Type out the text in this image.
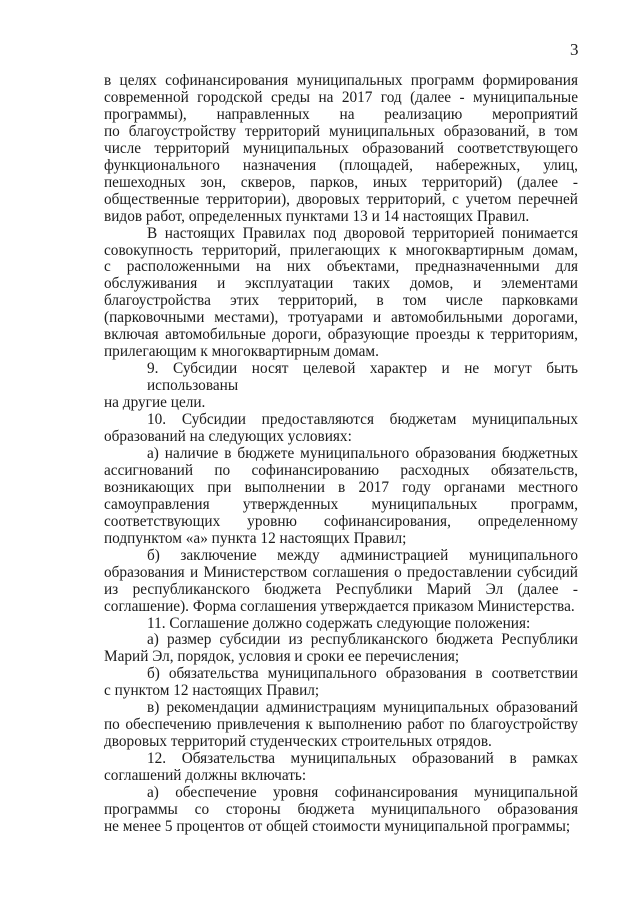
3

в целях софинансирования муниципальных программ формирования
современной городской среды на 2017 год (далее - муниципальные
программы), направленных на реализацию мероприятий
по благоустройству территорий муниципальных образований, в том
числе территорий муниципальных образований соответствующего
функционального назначения (площадей, набережных, улиц,
пешеходных зон, скверов, парков, иных территорий) (далее -
общественные территории), дворовых территорий, с учетом перечней
видов работ, определенных пунктами 13 и 14 настоящих Правил.

В настоящих Правилах под дворовой территорией понимается
совокупность территорий, прилегающих к многоквартирным домам,
с расположенными на них объектами, предназначенными для
обслуживания и эксплуатации таких домов, и элементами
благоустройства этих территорий, в том числе парковками
(парковочными местами), тротуарами и автомобильными дорогами,
включая автомобильные дороги, образующие проезды к территориям,
прилегающим к многоквартирным домам.

9. Субсидии носят целевой характер и не могут быть использованы
на другие цели.

10. Субсидии предоставляются бюджетам муниципальных
образований на следующих условиях:

а) наличие в бюджете муниципального образования бюджетных
ассигнований по софинансированию расходных обязательств,
возникающих при выполнении в 2017 году органами местного
самоуправления утвержденных муниципальных программ,
соответствующих уровню софинансирования, определенному
подпунктом «а» пункта 12 настоящих Правил;

б) заключение между администрацией муниципального
образования и Министерством соглашения о предоставлении субсидий
из республиканского бюджета Республики Марий Эл (далее -
соглашение). Форма соглашения утверждается приказом Министерства.

11. Соглашение должно содержать следующие положения:

а) размер субсидии из республиканского бюджета Республики
Марий Эл, порядок, условия и сроки ее перечисления;

б) обязательства муниципального образования в соответствии
с пунктом 12 настоящих Правил;

в) рекомендации администрациям муниципальных образований
по обеспечению привлечения к выполнению работ по благоустройству
дворовых территорий студенческих строительных отрядов.

12. Обязательства муниципальных образований в рамках
соглашений должны включать:

а) обеспечение уровня софинансирования муниципальной
программы со стороны бюджета муниципального образования
не менее 5 процентов от общей стоимости муниципальной программы;
